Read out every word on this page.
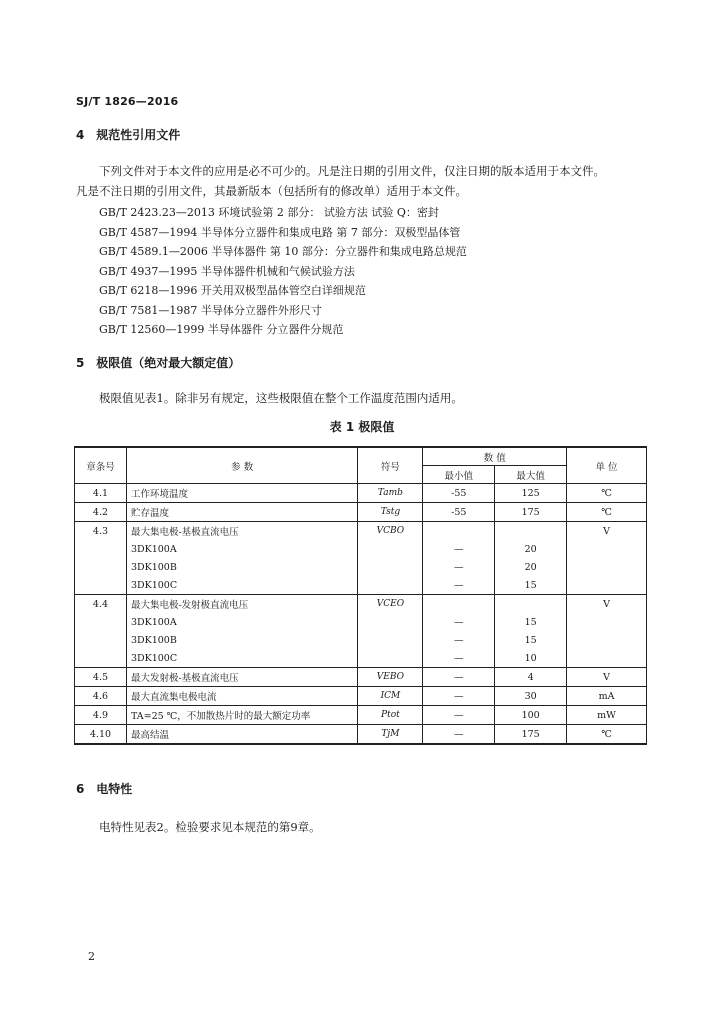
SJ/T 1826—2016
4 规范性引用文件
下列文件对于本文件的应用是必不可少的。凡是注日期的引用文件，仅注日期的版本适用于本文件。
凡是不注日期的引用文件，其最新版本（包括所有的修改单）适用于本文件。
GB/T 2423.23—2013 环境试验第 2 部分： 试验方法 试验 Q：密封
GB/T 4587—1994 半导体分立器件和集成电路 第 7 部分：双极型晶体管
GB/T 4589.1—2006 半导体器件 第 10 部分：分立器件和集成电路总规范
GB/T 4937—1995 半导体器件机械和气候试验方法
GB/T 6218—1996 开关用双极型晶体管空白详细规范
GB/T 7581—1987 半导体分立器件外形尺寸
GB/T 12560—1999 半导体器件 分立器件分规范
5 极限值（绝对最大额定值）
极限值见表1。除非另有规定，这些极限值在整个工作温度范围内适用。
表 1 极限值
章条号	参 数	符号	数 值		单 位
			最小值	最大值	
4.1	工作环境温度	Tamb	-55	125	℃
4.2	贮存温度	Tstg	-55	175	℃
4.3	最大集电极-基极直流电压	VCBO			V
	3DK100A		—	20	
	3DK100B		—	20	
	3DK100C		—	15	
4.4	最大集电极-发射极直流电压	VCEO			V
	3DK100A		—	15	
	3DK100B		—	15	
	3DK100C		—	10	
4.5	最大发射极-基极直流电压	VEBO	—	4	V
4.6	最大直流集电极电流	ICM	—	30	mA
4.9	TA=25 ℃，不加散热片时的最大额定功率	Ptot	—	100	mW
4.10	最高结温	TjM	—	175	℃
6 电特性
电特性见表2。检验要求见本规范的第9章。
2
